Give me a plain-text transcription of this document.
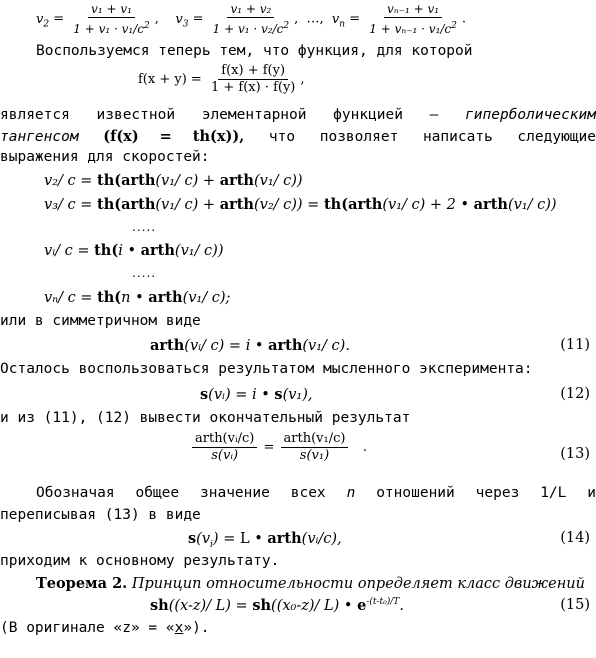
$v_2 = \frac{\text{v₁ + v₁}}{1 + v_1 \cdot v_1/c^2}$ ,    $v_3 = \frac{\text{v₁ + v₂}}{1 + v_1 \cdot v_2/c^2}$ ,  …, $v_n = \frac{\text{vₙ₋₁ + v₁}}{1 + v_{n-1} \cdot v_1/c^2}$ .
Воспользуемся теперь тем, что функция, для которой
$f(x + y) = \frac{f(x) + f(y)}{1 + f(x) \cdot f(y)}$ ,
является известной элементарной функцией — гиперболическим
тангенсом (f(x) = th(x)), что позволяет написать следующие
выражения для скоростей:
v₂/ c = th(arth(v₁/ c) + arth(v₁/ c))
v₃/ c = th(arth(v₁/ c) + arth(v₂/ c)) = th(arth(v₁/ c) + 2 • arth(v₁/ c))
.....
vᵢ/ c = th(i • arth(v₁/ c))
.....
vₙ/ c = th(n • arth(v₁/ c);
или в симметричном виде
arth(vᵢ/ c) = i • arth(v₁/ c).	(11)
Осталось воспользоваться результатом мысленного эксперимента:
s(vᵢ) = i • s(v₁),	(12)
и из (11), (12) вывести окончательный результат
$\frac{\text{arth(vᵢ/c)}}{\text{s(vᵢ)}} = \frac{\text{arth(v₁/c)}}{\text{s(v₁)}}$ .	(13)
Обозначая общее значение всех n отношений через 1/L и
переписывая (13) в виде
$s(v_i) = L$ • arth(vᵢ/c),	(14)
приходим к основному результату.
Теорема 2. Принцип относительности определяет класс движений
sh((x-z)/ L) = sh((x₀-z)/ L) • $e^{-(t-t_0)/T}$.	(15)
(В оригинале «z» = «x»).
